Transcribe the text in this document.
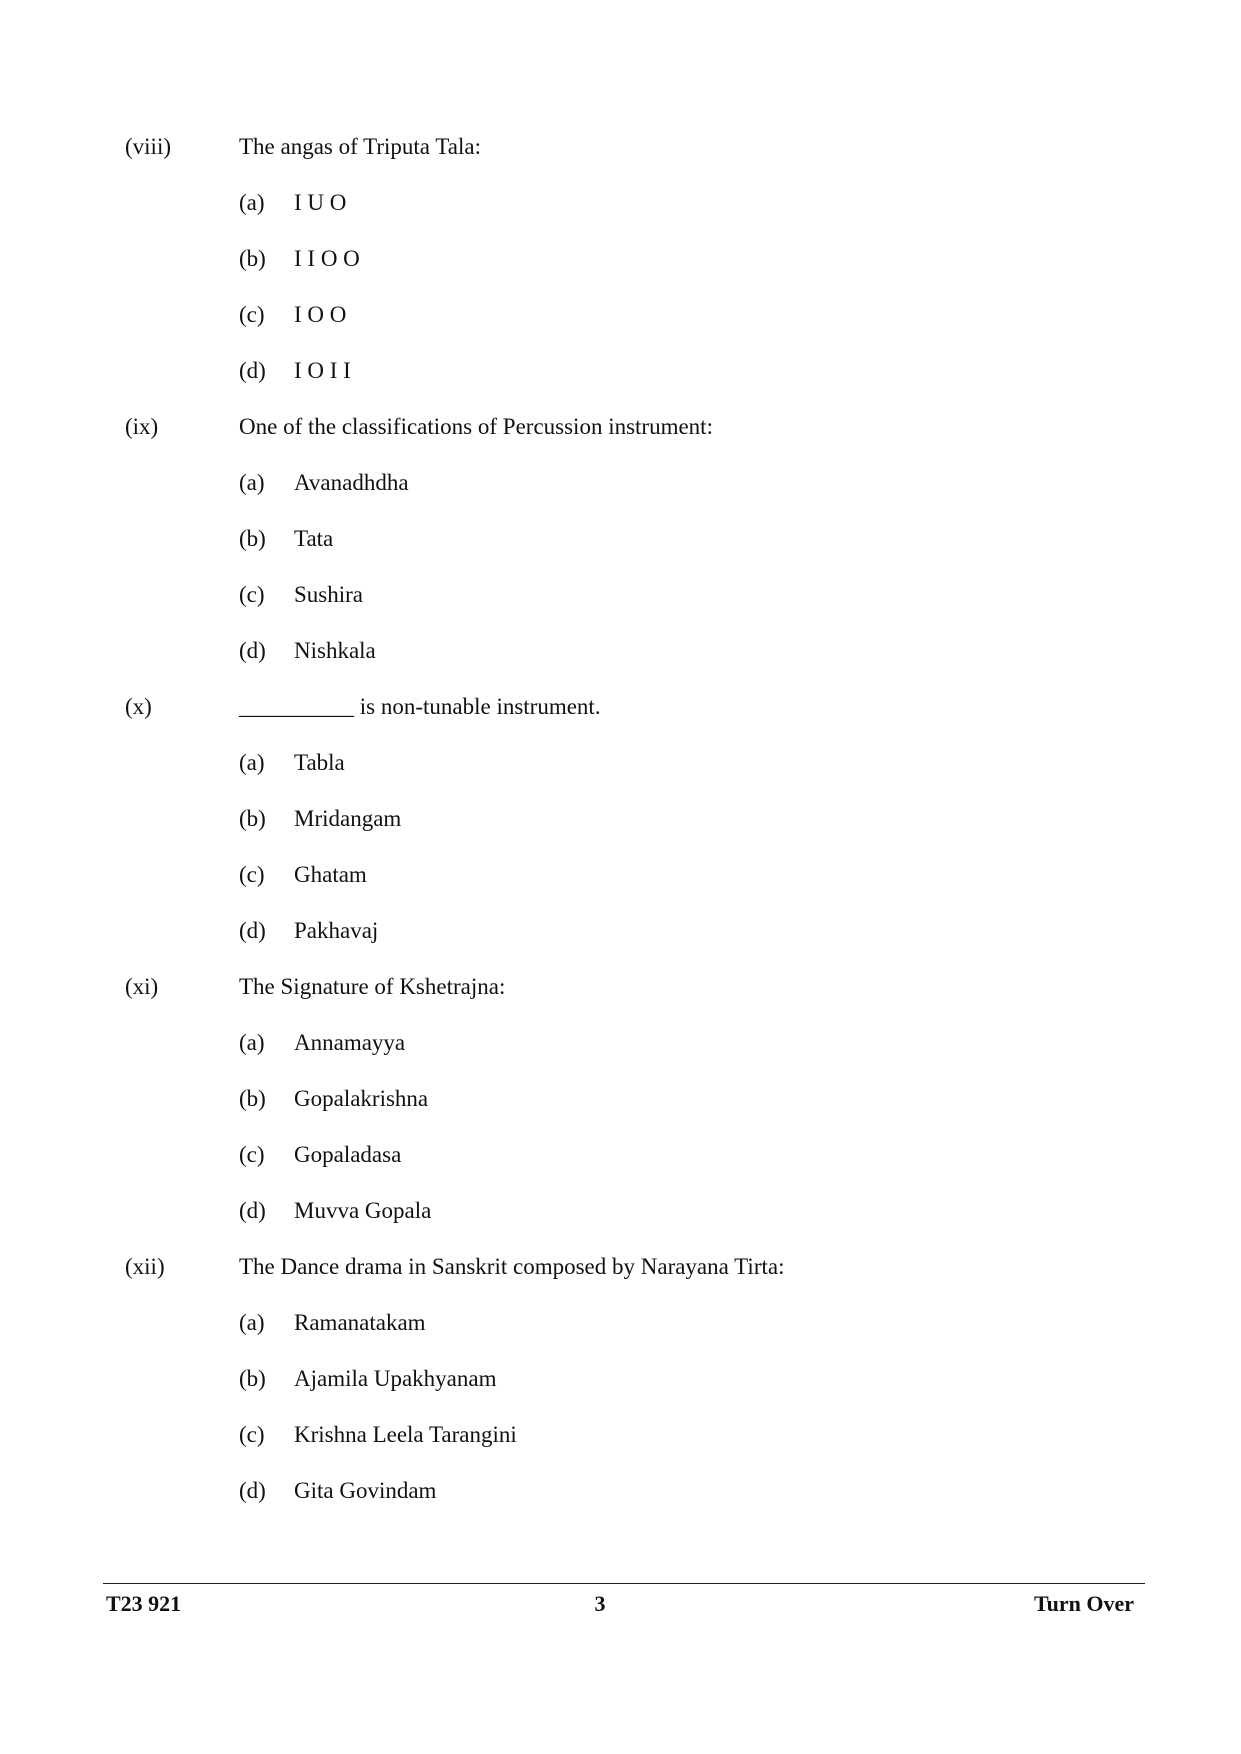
(viii)	The angas of Triputa Tala:
(a) I U O
(b) I I O O
(c) I O O
(d) I O I I
(ix)	One of the classifications of Percussion instrument:
(a) Avanadhdha
(b) Tata
(c) Sushira
(d) Nishkala
(x)	__________ is non-tunable instrument.
(a) Tabla
(b) Mridangam
(c) Ghatam
(d) Pakhavaj
(xi)	The Signature of Kshetrajna:
(a) Annamayya
(b) Gopalakrishna
(c) Gopaladasa
(d) Muvva Gopala
(xii)	The Dance drama in Sanskrit composed by Narayana Tirta:
(a) Ramanatakam
(b) Ajamila Upakhyanam
(c) Krishna Leela Tarangini
(d) Gita Govindam
T23 921	3	Turn Over
